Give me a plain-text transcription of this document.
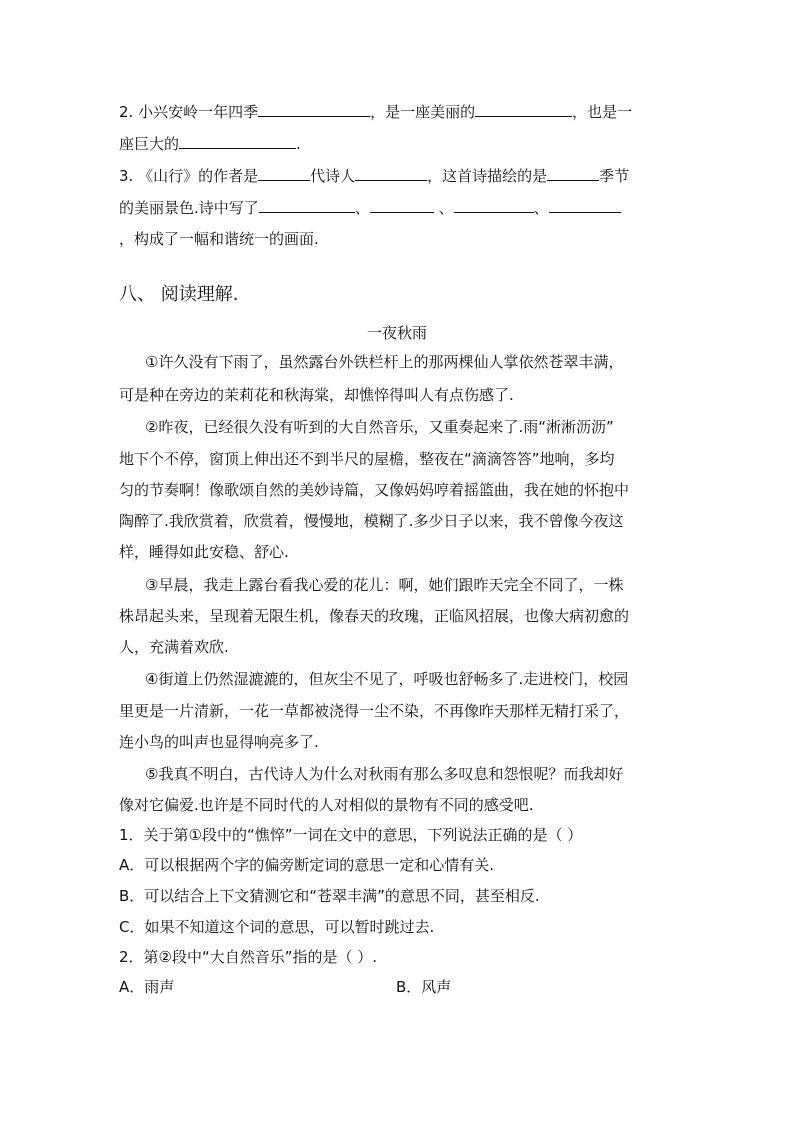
2. 小兴安岭一年四季	，是一座美丽的	，也是一
座巨大的	.
3. 《山行》的作者是	代诗人	，这首诗描绘的是	季节
的美丽景色.诗中写了	、	、	、
，构成了一幅和谐统一的画面.
八、 阅读理解.
一夜秋雨
①许久没有下雨了，虽然露台外铁栏杆上的那两棵仙人掌依然苍翠丰满，
可是种在旁边的茉莉花和秋海棠，却憔悴得叫人有点伤感了.
②昨夜，已经很久没有听到的大自然音乐，又重奏起来了.雨“淅淅沥沥”
地下个不停，窗顶上伸出还不到半尺的屋檐，整夜在“滴滴答答”地响，多均
匀的节奏啊！像歌颂自然的美妙诗篇，又像妈妈哼着摇篮曲，我在她的怀抱中
陶醉了.我欣赏着，欣赏着，慢慢地，模糊了.多少日子以来，我不曾像今夜这
样，睡得如此安稳、舒心.
③早晨，我走上露台看我心爱的花儿：啊，她们跟昨天完全不同了，一株
株昂起头来，呈现着无限生机，像春天的玫瑰，正临风招展，也像大病初愈的
人，充满着欢欣.
④街道上仍然湿漉漉的，但灰尘不见了，呼吸也舒畅多了.走进校门，校园
里更是一片清新，一花一草都被浇得一尘不染，不再像昨天那样无精打采了，
连小鸟的叫声也显得响亮多了.
⑤我真不明白，古代诗人为什么对秋雨有那么多叹息和怨恨呢？而我却好
像对它偏爱.也许是不同时代的人对相似的景物有不同的感受吧.
1．关于第①段中的“憔悴”一词在文中的意思，下列说法正确的是（ ）
A．可以根据两个字的偏旁断定词的意思一定和心情有关.
B．可以结合上下文猜测它和“苍翠丰满”的意思不同，甚至相反.
C．如果不知道这个词的意思，可以暂时跳过去.
2．第②段中“大自然音乐”指的是（ ）.
A．雨声	B．风声
